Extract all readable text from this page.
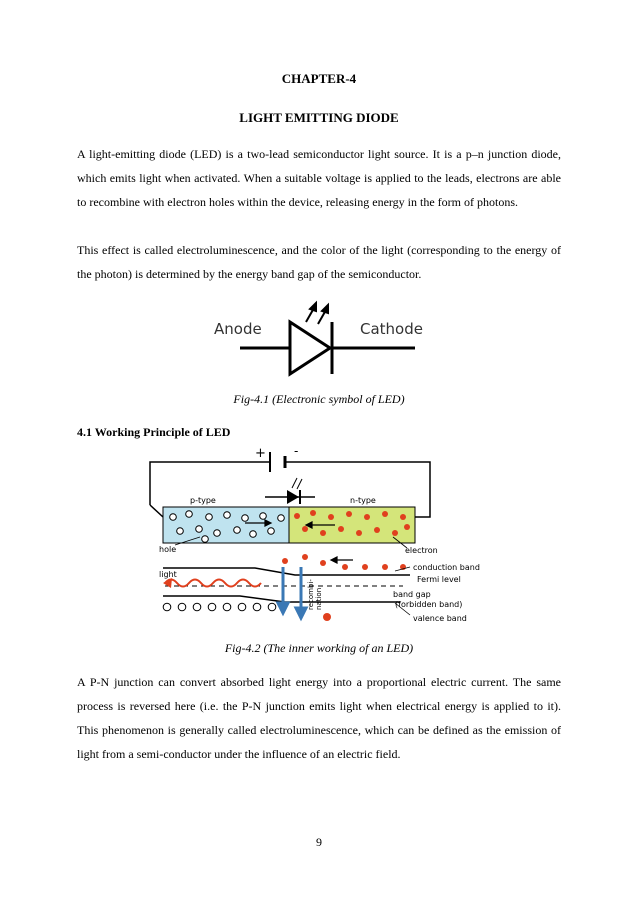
CHAPTER-4
LIGHT EMITTING DIODE

A light-emitting diode (LED) is a two-lead semiconductor light source. It is a p–n junction diode, which emits light when activated. When a suitable voltage is applied to the leads, electrons are able to recombine with electron holes within the device, releasing energy in the form of photons.

This effect is called electroluminescence, and the color of the light (corresponding to the energy of the photon) is determined by the energy band gap of the semiconductor.

Anode	Cathode
Fig-4.1 (Electronic symbol of LED)
4.1 Working Principle of LED
+ -
p-type	n-type
hole	electron
light
recombi- nation
conduction band
Fermi level
band gap
(forbidden band)
valence band
Fig-4.2 (The inner working of an LED)

A P-N junction can convert absorbed light energy into a proportional electric current. The same process is reversed here (i.e. the P-N junction emits light when electrical energy is applied to it). This phenomenon is generally called electroluminescence, which can be defined as the emission of light from a semi-conductor under the influence of an electric field.

9
